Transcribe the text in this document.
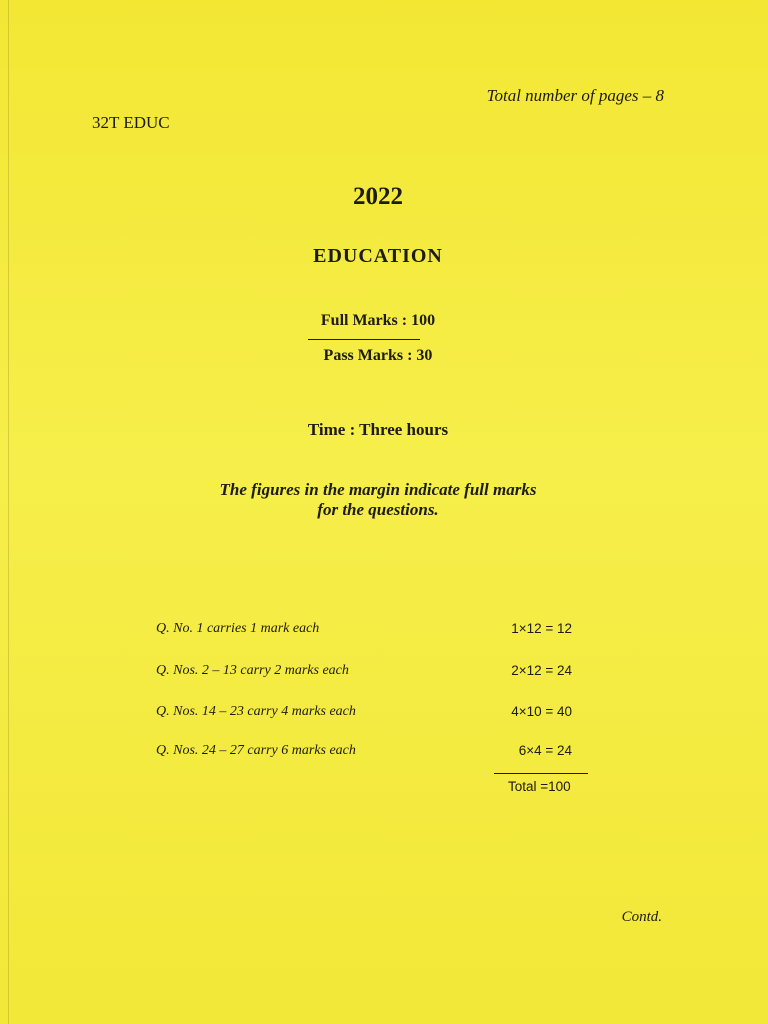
Total number of pages – 8
32T EDUC
2022
EDUCATION
Full Marks : 100
Pass Marks : 30
Time : Three hours
The figures in the margin indicate full marks
for the questions.
Q. No. 1 carries 1 mark each	1×12 = 12
Q. Nos. 2 – 13 carry 2 marks each	2×12 = 24
Q. Nos. 14 – 23 carry 4 marks each	4×10 = 40
Q. Nos. 24 – 27 carry 6 marks each	6×4 = 24
Total =100
Contd.
